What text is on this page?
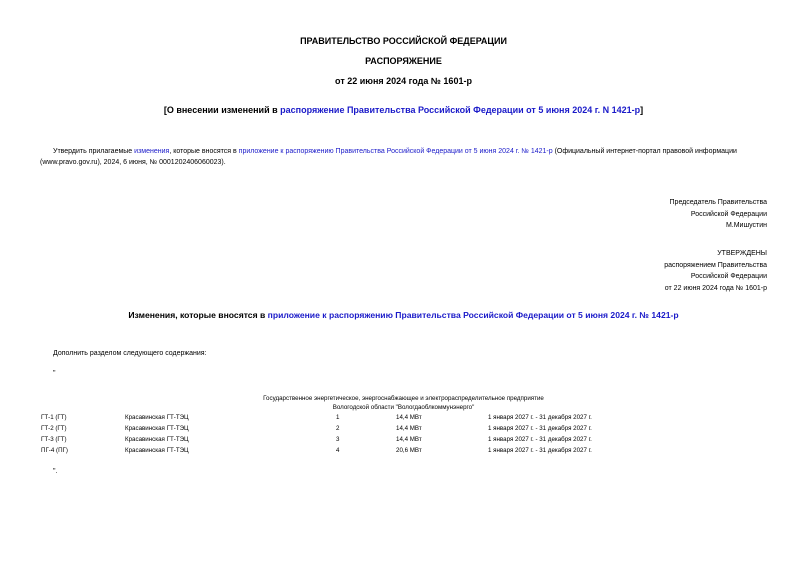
ПРАВИТЕЛЬСТВО РОССИЙСКОЙ ФЕДЕРАЦИИ
РАСПОРЯЖЕНИЕ
от 22 июня 2024 года № 1601-р
[О внесении изменений в распоряжение Правительства Российской Федерации от 5 июня 2024 г. N 1421-р]
Утвердить прилагаемые изменения, которые вносятся в приложение к распоряжению Правительства Российской Федерации от 5 июня 2024 г. № 1421-р (Официальный интернет-портал правовой информации
(www.pravo.gov.ru), 2024, 6 июня, № 0001202406060023).
Председатель Правительства
Российской Федерации
М.Мишустин
УТВЕРЖДЕНЫ
распоряжением Правительства
Российской Федерации
от 22 июня 2024 года № 1601-р
Изменения, которые вносятся в приложение к распоряжению Правительства Российской Федерации от 5 июня 2024 г. № 1421-р
Дополнить разделом следующего содержания:
"
Государственное энергетическое, энергоснабжающее и электрораспределительное предприятие
Вологодской области "Вологдаоблкоммунэнерго"
ГТ-1 (ГТ)	Красавинская ГТ-ТЭЦ	1	14,4 МВт	1 января 2027 г. - 31 декабря 2027 г.
ГТ-2 (ГТ)	Красавинская ГТ-ТЭЦ	2	14,4 МВт	1 января 2027 г. - 31 декабря 2027 г.
ГТ-3 (ГТ)	Красавинская ГТ-ТЭЦ	3	14,4 МВт	1 января 2027 г. - 31 декабря 2027 г.
ПГ-4 (ПГ)	Красавинская ГТ-ТЭЦ	4	20,6 МВт	1 января 2027 г. - 31 декабря 2027 г.
".
